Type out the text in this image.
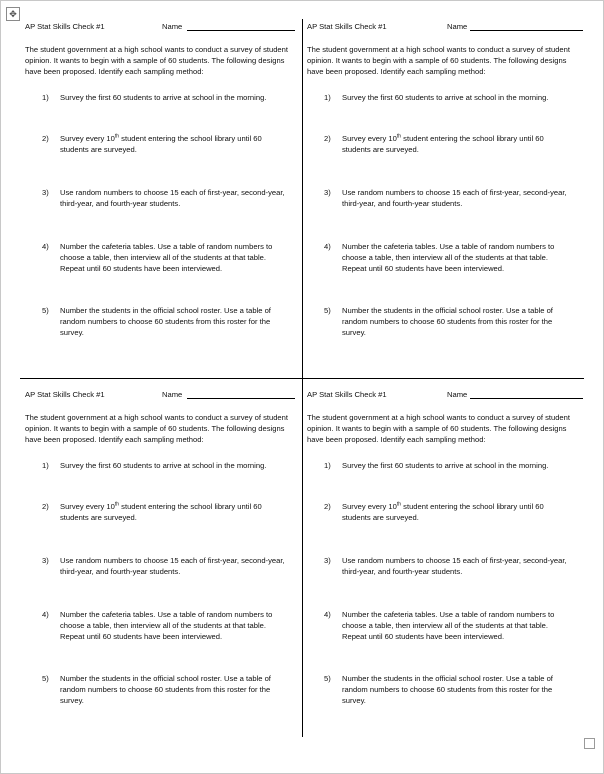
✥
AP Stat Skills Check #1	Name
The student government at a high school wants to conduct a survey of student opinion. It wants to begin with a sample of 60 students. The following designs have been proposed. Identify each sampling method:
1) Survey the first 60 students to arrive at school in the morning.
2) Survey every 10th student entering the school library until 60 students are surveyed.
3) Use random numbers to choose 15 each of first-year, second-year, third-year, and fourth-year students.
4) Number the cafeteria tables. Use a table of random numbers to choose a table, then interview all of the students at that table. Repeat until 60 students have been interviewed.
5) Number the students in the official school roster. Use a table of random numbers to choose 60 students from this roster for the survey.
AP Stat Skills Check #1	Name
The student government at a high school wants to conduct a survey of student opinion. It wants to begin with a sample of 60 students. The following designs have been proposed. Identify each sampling method:
1) Survey the first 60 students to arrive at school in the morning.
2) Survey every 10th student entering the school library until 60 students are surveyed.
3) Use random numbers to choose 15 each of first-year, second-year, third-year, and fourth-year students.
4) Number the cafeteria tables. Use a table of random numbers to choose a table, then interview all of the students at that table. Repeat until 60 students have been interviewed.
5) Number the students in the official school roster. Use a table of random numbers to choose 60 students from this roster for the survey.
AP Stat Skills Check #1	Name
The student government at a high school wants to conduct a survey of student opinion. It wants to begin with a sample of 60 students. The following designs have been proposed. Identify each sampling method:
1) Survey the first 60 students to arrive at school in the morning.
2) Survey every 10th student entering the school library until 60 students are surveyed.
3) Use random numbers to choose 15 each of first-year, second-year, third-year, and fourth-year students.
4) Number the cafeteria tables. Use a table of random numbers to choose a table, then interview all of the students at that table. Repeat until 60 students have been interviewed.
5) Number the students in the official school roster. Use a table of random numbers to choose 60 students from this roster for the survey.
AP Stat Skills Check #1	Name
The student government at a high school wants to conduct a survey of student opinion. It wants to begin with a sample of 60 students. The following designs have been proposed. Identify each sampling method:
1) Survey the first 60 students to arrive at school in the morning.
2) Survey every 10th student entering the school library until 60 students are surveyed.
3) Use random numbers to choose 15 each of first-year, second-year, third-year, and fourth-year students.
4) Number the cafeteria tables. Use a table of random numbers to choose a table, then interview all of the students at that table. Repeat until 60 students have been interviewed.
5) Number the students in the official school roster. Use a table of random numbers to choose 60 students from this roster for the survey.
